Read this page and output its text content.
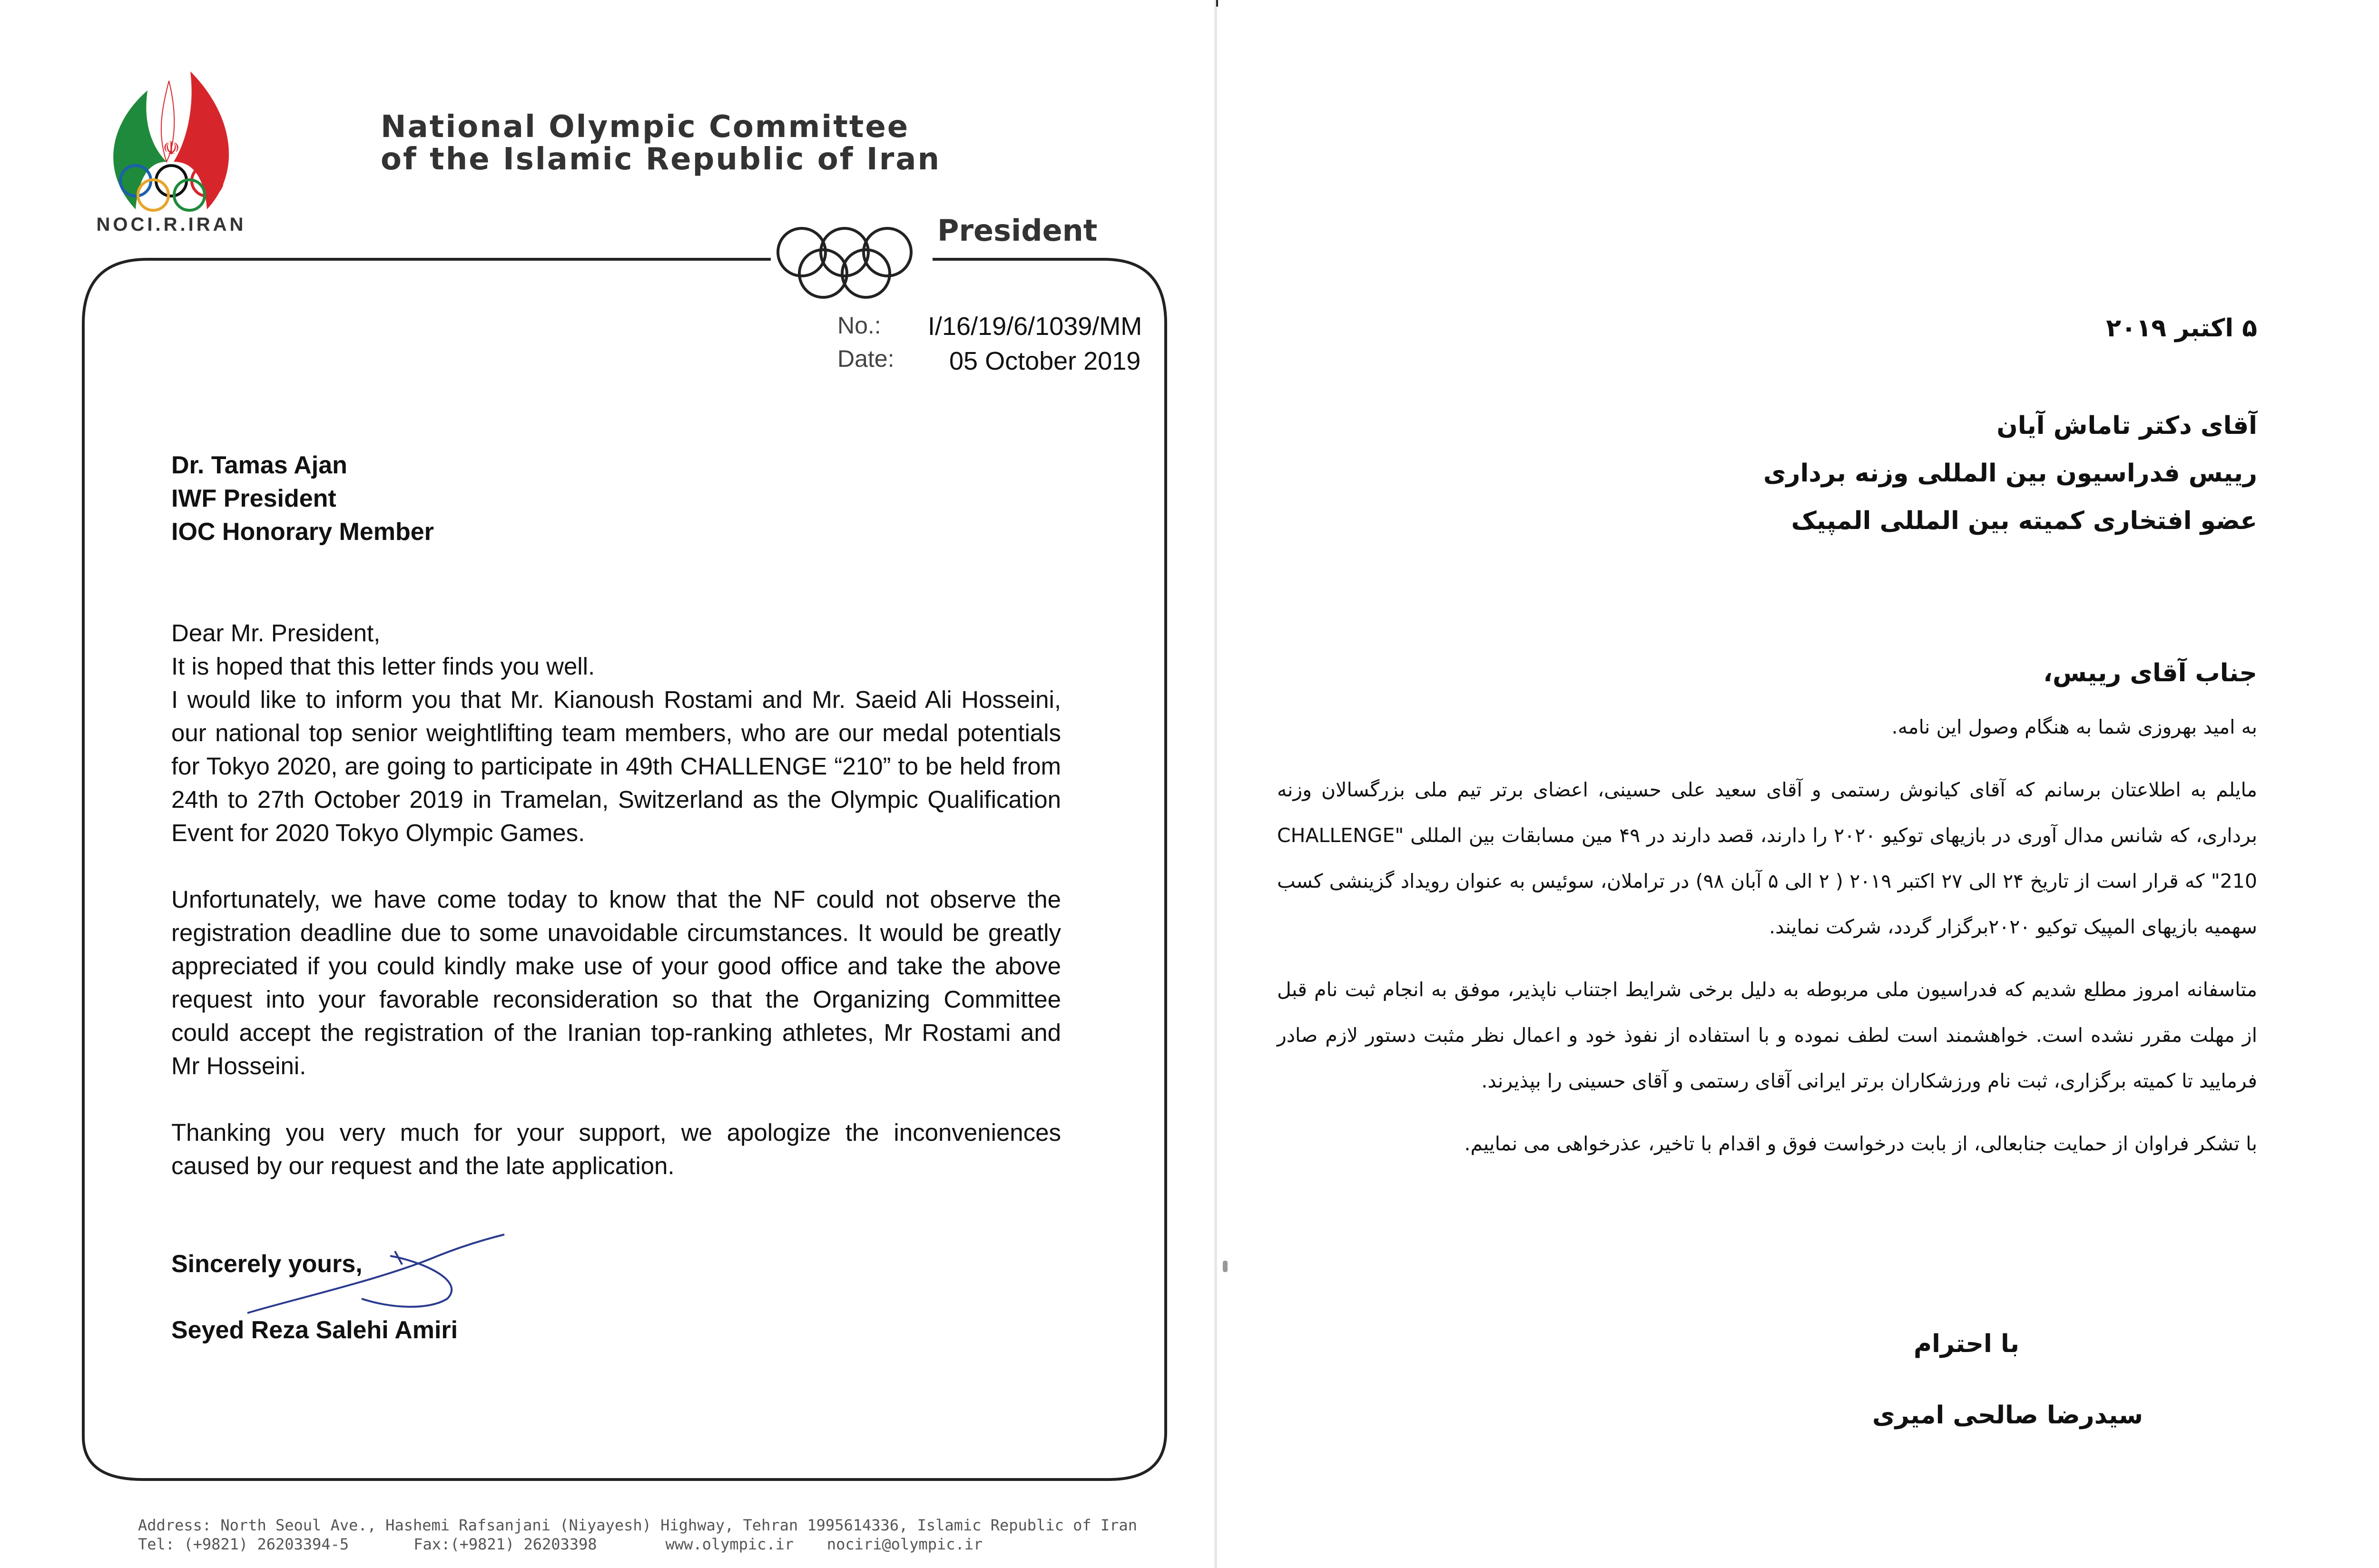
☫
NOCI.R.IRAN
National Olympic Committee
of the Islamic Republic of Iran
President
No.: I/16/19/6/1039/MM
Date: 05 October 2019
Dr. Tamas Ajan
IWF President
IOC Honorary Member

Dear Mr. President,

It is hoped that this letter finds you well.

I would like to inform you that Mr. Kianoush Rostami and Mr. Saeid Ali Hosseini, our national top senior weightlifting team members, who are our medal potentials for Tokyo 2020, are going to participate in 49th CHALLENGE “210” to be held from 24th to 27th October 2019 in Tramelan, Switzerland as the Olympic Qualification Event for 2020 Tokyo Olympic Games.

Unfortunately, we have come today to know that the NF could not observe the registration deadline due to some unavoidable circumstances. It would be greatly appreciated if you could kindly make use of your good office and take the above request into your favorable reconsideration so that the Organizing Committee could accept the registration of the Iranian top-ranking athletes, Mr Rostami and Mr Hosseini.

Thanking you very much for your support, we apologize the inconveniences caused by our request and the late application.

Sincerely yours,
Seyed Reza Salehi Amiri
Address: North Seoul Ave., Hashemi Rafsanjani (Niyayesh) Highway, Tehran 1995614336, Islamic Republic of Iran
Tel: (+9821) 26203394-5	Fax:(+9821) 26203398	www.olympic.ir nociri@olympic.ir
۵ اکتبر ۲۰۱۹
آقای دکتر تاماش آیان
رییس فدراسیون بین المللی وزنه برداری
عضو افتخاری کمیته بین المللی المپیک
جناب آقای رییس،

به امید بهروزی شما به هنگام وصول این نامه.

مایلم به اطلاعتان برسانم که آقای کیانوش رستمی و آقای سعید علی حسینی، اعضای برتر تیم ملی بزرگسالان وزنه برداری، که شانس مدال آوری در بازیهای توکیو ۲۰۲۰ را دارند، قصد دارند در ۴۹ مین مسابقات بین المللی "CHALLENGE 210" که قرار است از تاریخ ۲۴ الی ۲۷ اکتبر ۲۰۱۹ ( ۲ الی ۵ آبان ۹۸) در تراملان، سوئیس به عنوان رویداد گزینشی کسب سهمیه بازیهای المپیک توکیو ۲۰۲۰برگزار گردد، شرکت نمایند.

متاسفانه امروز مطلع شدیم که فدراسیون ملی مربوطه به دلیل برخی شرایط اجتناب ناپذیر، موفق به انجام ثبت نام قبل از مهلت مقرر نشده است. خواهشمند است لطف نموده و با استفاده از نفوذ خود و اعمال نظر مثبت دستور لازم صادر فرمایید تا کمیته برگزاری، ثبت نام ورزشکاران برتر ایرانی آقای رستمی و آقای حسینی را بپذیرند.

با تشکر فراوان از حمایت جنابعالی، از بابت درخواست فوق و اقدام با تاخیر، عذرخواهی می نماییم.

با احترام
سیدرضا صالحی امیری
